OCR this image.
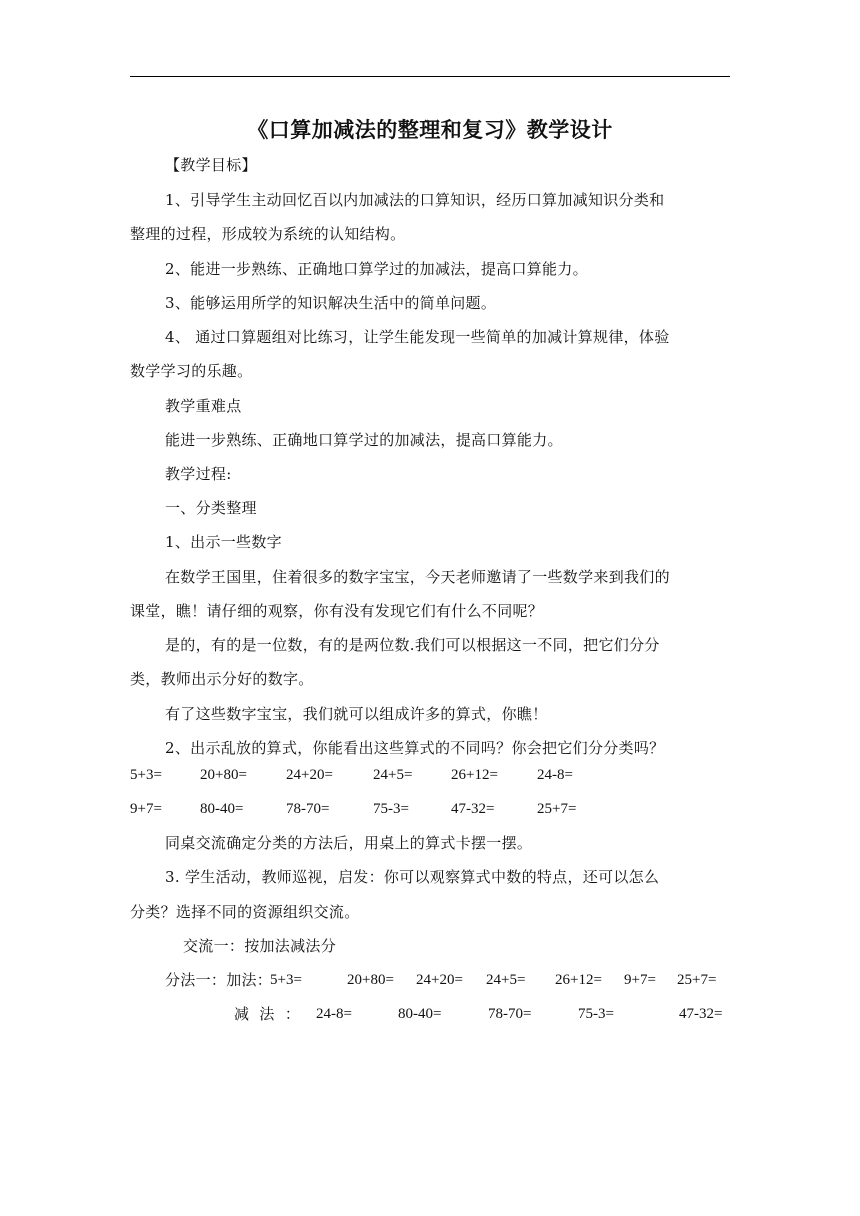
《口算加减法的整理和复习》教学设计
【教学目标】
1、引导学生主动回忆百以内加减法的口算知识，经历口算加减知识分类和
整理的过程，形成较为系统的认知结构。
2、能进一步熟练、正确地口算学过的加减法，提高口算能力。
3、能够运用所学的知识解决生活中的简单问题。
4、 通过口算题组对比练习，让学生能发现一些简单的加减计算规律，体验
数学学习的乐趣。
教学重难点
能进一步熟练、正确地口算学过的加减法，提高口算能力。
教学过程:
一、分类整理
1、出示一些数字
在数学王国里，住着很多的数字宝宝，今天老师邀请了一些数学来到我们的
课堂，瞧！请仔细的观察，你有没有发现它们有什么不同呢？
是的，有的是一位数，有的是两位数.我们可以根据这一不同，把它们分分
类，教师出示分好的数字。
有了这些数字宝宝，我们就可以组成许多的算式，你瞧！
2、出示乱放的算式，你能看出这些算式的不同吗？你会把它们分分类吗？
5+3=	20+80=	24+20=	24+5=	26+12=	24-8=
9+7=	80-40=	78-70=	75-3=	47-32=	25+7=
同桌交流确定分类的方法后，用桌上的算式卡摆一摆。
3. 学生活动，教师巡视，启发：你可以观察算式中数的特点，还可以怎么
分类？选择不同的资源组织交流。
交流一：按加法减法分
分法一：加法：
5+3=	20+80= 24+20= 24+5= 26+12= 9+7= 25+7=
减  法  ： 24-8=	80-40=	78-70=	75-3=	47-32=
